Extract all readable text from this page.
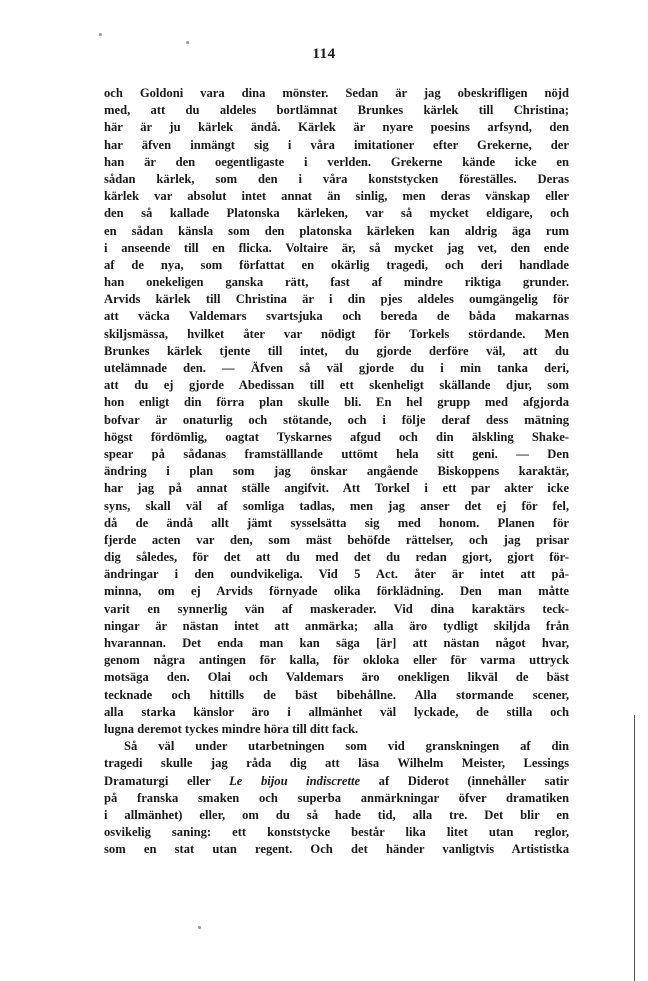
114
och Goldoni vara dina mönster. Sedan är jag obeskrifligen nöjd
med, att du aldeles bortlämnat Brunkes kärlek till Christina;
här är ju kärlek ändå. Kärlek är nyare poesins arfsynd, den
har äfven inmängt sig i våra imitationer efter Grekerne, der
han är den oegentligaste i verlden. Grekerne kände icke en
sådan kärlek, som den i våra konststycken föreställes. Deras
kärlek var absolut intet annat än sinlig, men deras vänskap eller
den så kallade Platonska kärleken, var så mycket eldigare, och
en sådan känsla som den platonska kärleken kan aldrig äga rum
i anseende till en flicka. Voltaire är, så mycket jag vet, den ende
af de nya, som författat en okärlig tragedi, och deri handlade
han onekeligen ganska rätt, fast af mindre riktiga grunder.
Arvids kärlek till Christina är i din pjes aldeles oumgängelig för
att väcka Valdemars svartsjuka och bereda de båda makarnas
skiljsmässa, hvilket åter var nödigt för Torkels stördande. Men
Brunkes kärlek tjente till intet, du gjorde derföre väl, att du
utelämnade den. — Äfven så väl gjorde du i min tanka deri,
att du ej gjorde Abedissan till ett skenheligt skällande djur, som
hon enligt din förra plan skulle bli. En hel grupp med afgjorda
bofvar är onaturlig och stötande, och i följe deraf dess mätning
högst fördömlig, oagtat Tyskarnes afgud och din älskling Shake-
spear på sådanas framställlande uttömt hela sitt geni. — Den
ändring i plan som jag önskar angående Biskoppens karaktär,
har jag på annat ställe angifvit. Att Torkel i ett par akter icke
syns, skall väl af somliga tadlas, men jag anser det ej för fel,
då de ändå allt jämt sysselsätta sig med honom. Planen för
fjerde acten var den, som mäst behöfde rättelser, och jag prisar
dig således, för det att du med det du redan gjort, gjort för-
ändringar i den oundvikeliga. Vid 5 Act. åter är intet att på-
minna, om ej Arvids förnyade olika förklädning. Den man måtte
varit en synnerlig vän af maskerader. Vid dina karaktärs teck-
ningar är nästan intet att anmärka; alla äro tydligt skiljda från
hvarannan. Det enda man kan säga [är] att nästan något hvar,
genom några antingen för kalla, för okloka eller för varma uttryck
motsäga den. Olai och Valdemars äro onekligen likväl de bäst
tecknade och hittills de bäst bibehållne. Alla stormande scener,
alla starka känslor äro i allmänhet väl lyckade, de stilla och
lugna deremot tyckes mindre höra till ditt fack.
Så väl under utarbetningen som vid granskningen af din
tragedi skulle jag råda dig att läsa Wilhelm Meister, Lessings
Dramaturgi eller Le bijou indiscrette af Diderot (innehåller satir
på franska smaken och superba anmärkningar öfver dramatiken
i allmänhet) eller, om du så hade tid, alla tre. Det blir en
osvikelig saning: ett konststycke består lika litet utan reglor,
som en stat utan regent. Och det händer vanligtvis Artististka
